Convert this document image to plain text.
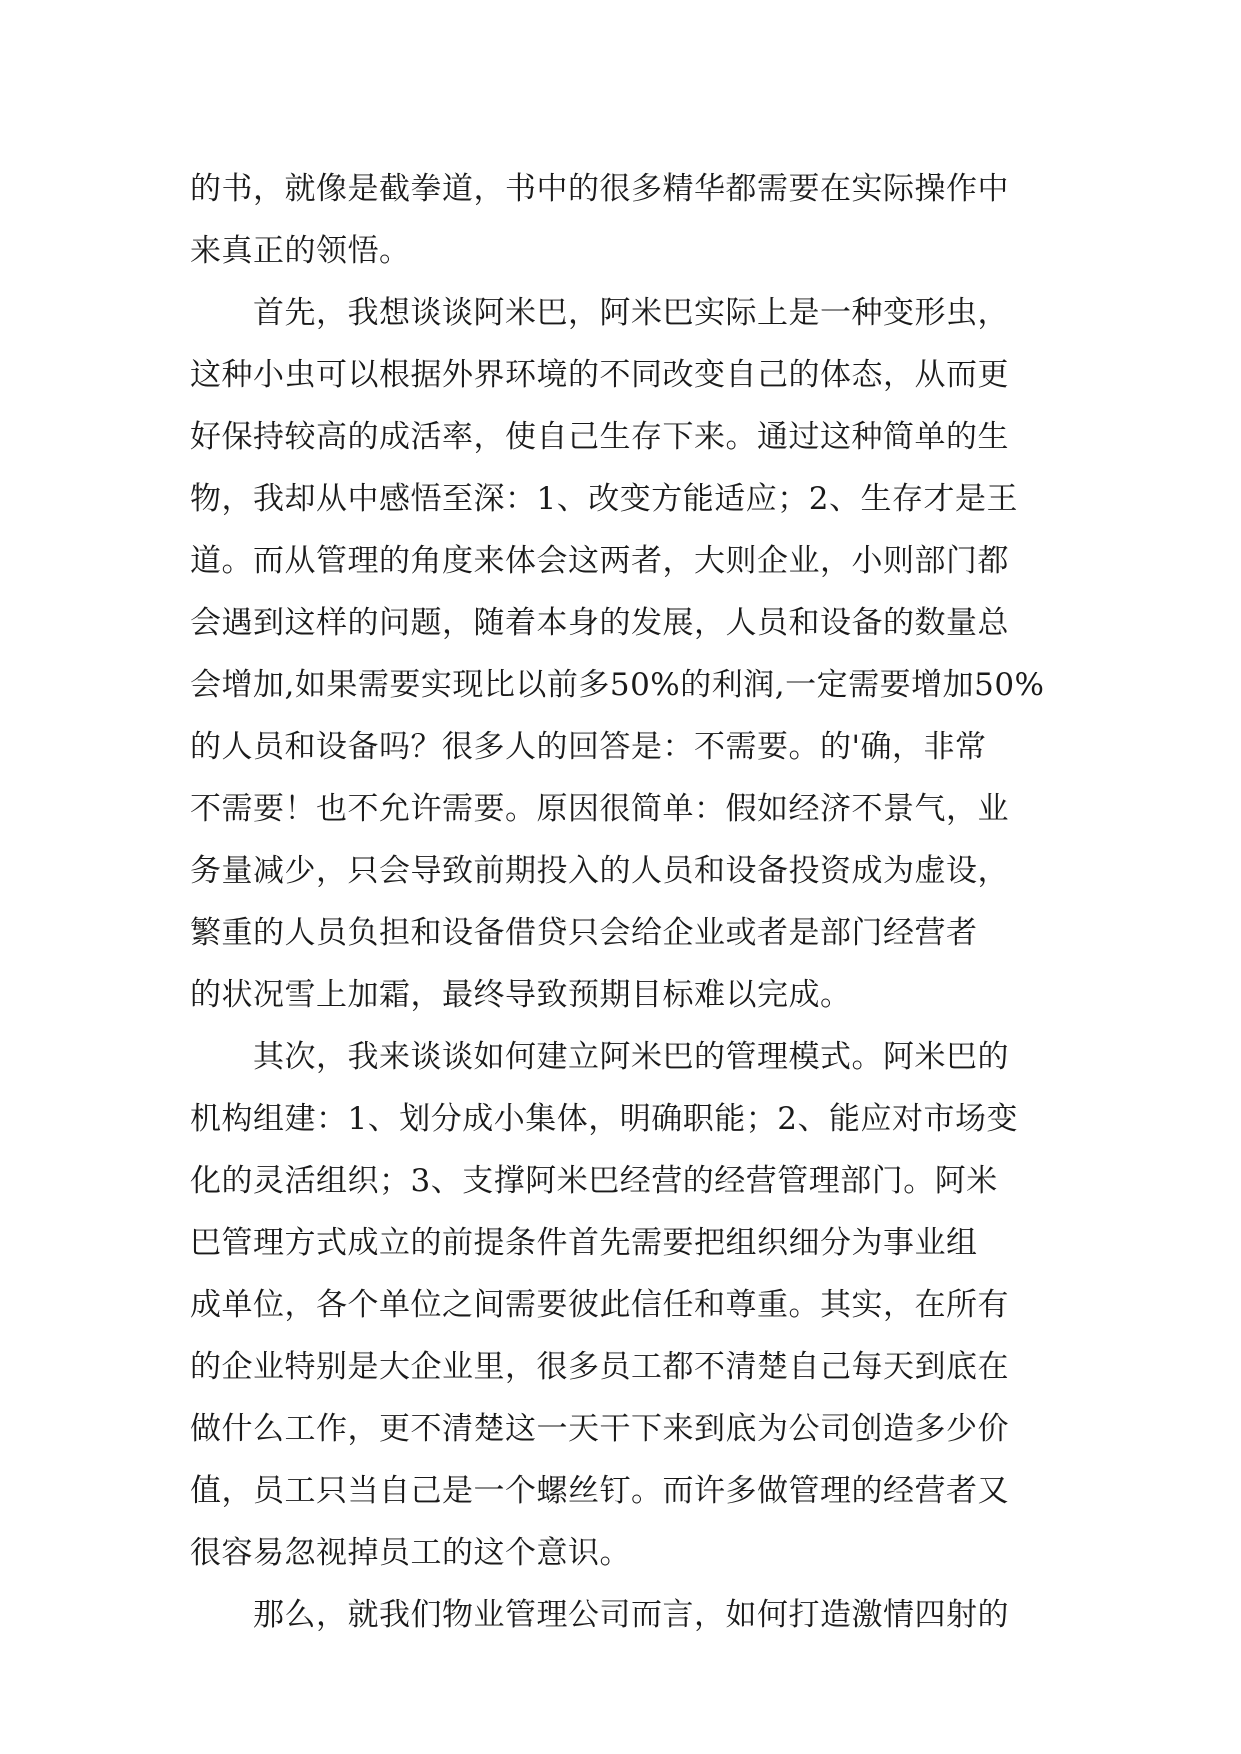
的书，就像是截拳道，书中的很多精华都需要在实际操作中
来真正的领悟。
　　首先，我想谈谈阿米巴，阿米巴实际上是一种变形虫，
这种小虫可以根据外界环境的不同改变自己的体态，从而更
好保持较高的成活率，使自己生存下来。通过这种简单的生
物，我却从中感悟至深：1、改变方能适应；2、生存才是王
道。而从管理的角度来体会这两者，大则企业，小则部门都
会遇到这样的问题，随着本身的发展，人员和设备的数量总
会增加,如果需要实现比以前多50%的利润,一定需要增加50%
的人员和设备吗？很多人的回答是：不需要。的'确，非常
不需要！也不允许需要。原因很简单：假如经济不景气，业
务量减少，只会导致前期投入的人员和设备投资成为虚设，
繁重的人员负担和设备借贷只会给企业或者是部门经营者
的状况雪上加霜，最终导致预期目标难以完成。
　　其次，我来谈谈如何建立阿米巴的管理模式。阿米巴的
机构组建：1、划分成小集体，明确职能；2、能应对市场变
化的灵活组织；3、支撑阿米巴经营的经营管理部门。阿米
巴管理方式成立的前提条件首先需要把组织细分为事业组
成单位，各个单位之间需要彼此信任和尊重。其实，在所有
的企业特别是大企业里，很多员工都不清楚自己每天到底在
做什么工作，更不清楚这一天干下来到底为公司创造多少价
值，员工只当自己是一个螺丝钉。而许多做管理的经营者又
很容易忽视掉员工的这个意识。
　　那么，就我们物业管理公司而言，如何打造激情四射的
